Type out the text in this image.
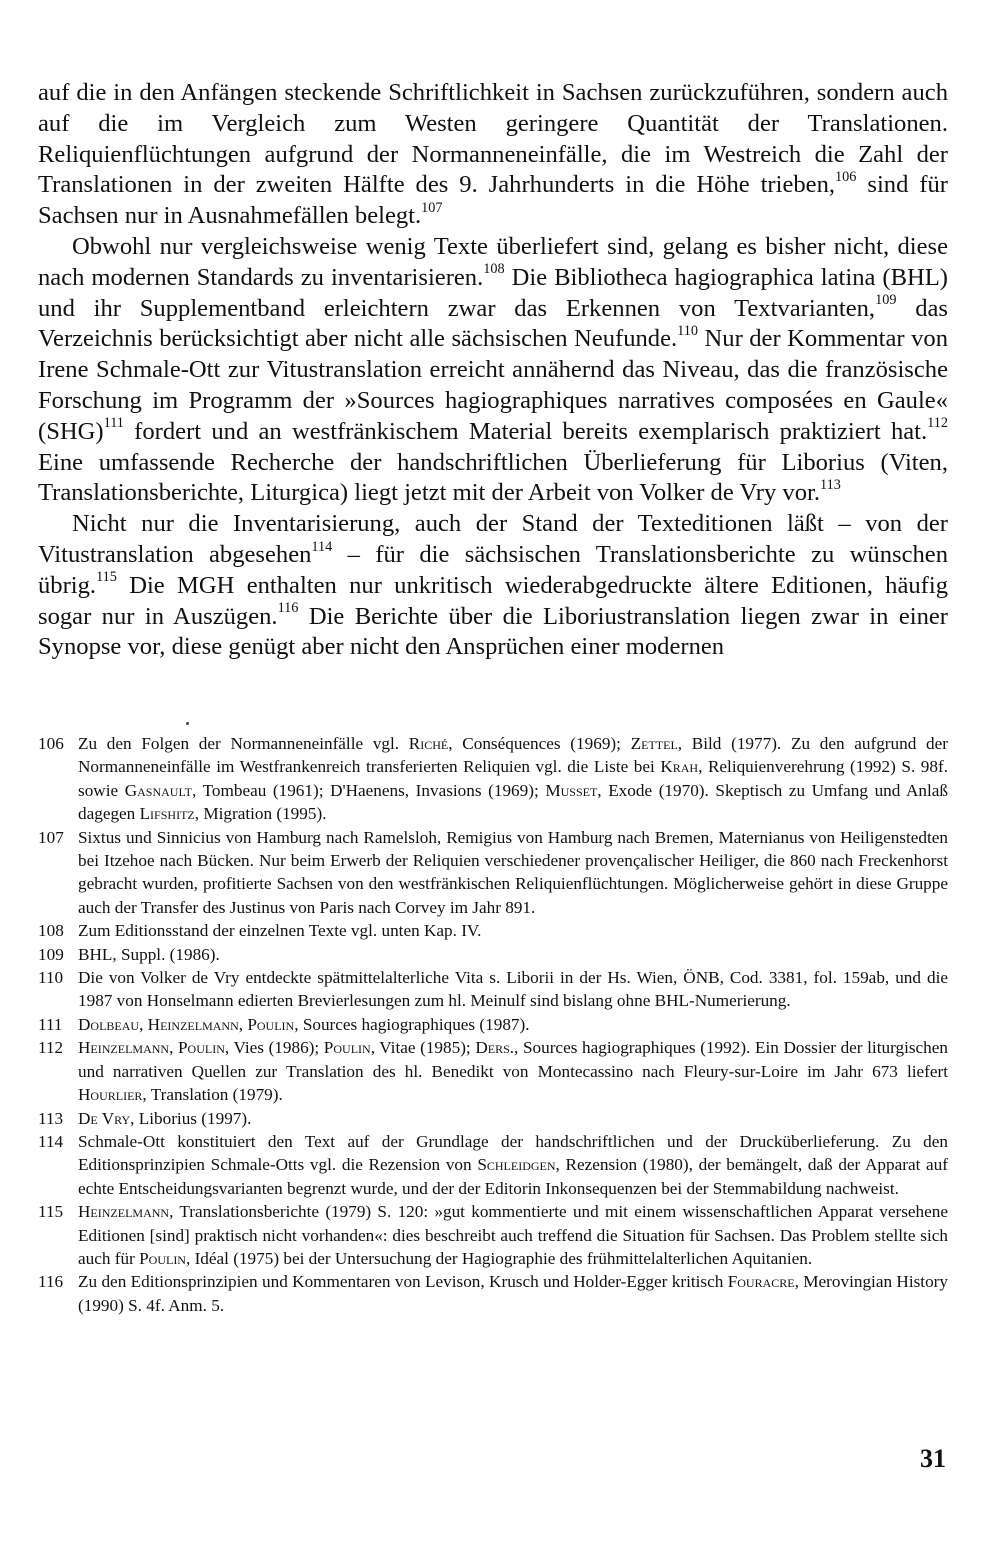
auf die in den Anfängen steckende Schriftlichkeit in Sachsen zurückzuführen, sondern auch auf die im Vergleich zum Westen geringere Quantität der Translationen. Reliquienflüchtungen aufgrund der Normanneneinfälle, die im Westreich die Zahl der Translationen in der zweiten Hälfte des 9. Jahrhunderts in die Höhe trieben,$^{106}$ sind für Sachsen nur in Ausnahmefällen belegt.$^{107}$

Obwohl nur vergleichsweise wenig Texte überliefert sind, gelang es bisher nicht, diese nach modernen Standards zu inventarisieren.$^{108}$ Die Bibliotheca hagiographica latina (BHL) und ihr Supplementband erleichtern zwar das Erkennen von Textvarianten,$^{109}$ das Verzeichnis berücksichtigt aber nicht alle sächsischen Neufunde.$^{110}$ Nur der Kommentar von Irene Schmale-Ott zur Vitustranslation erreicht annähernd das Niveau, das die französische Forschung im Programm der »Sources hagiographiques narratives composées en Gaule« (SHG)$^{111}$ fordert und an westfränkischem Material bereits exemplarisch praktiziert hat.$^{112}$ Eine umfassende Recherche der handschriftlichen Überlieferung für Liborius (Viten, Translationsberichte, Liturgica) liegt jetzt mit der Arbeit von Volker de Vry vor.$^{113}$

Nicht nur die Inventarisierung, auch der Stand der Texteditionen läßt – von der Vitustranslation abgesehen$^{114}$ – für die sächsischen Translationsberichte zu wünschen übrig.$^{115}$ Die MGH enthalten nur unkritisch wiederabgedruckte ältere Editionen, häufig sogar nur in Auszügen.$^{116}$ Die Berichte über die Liboriustranslation liegen zwar in einer Synopse vor, diese genügt aber nicht den Ansprüchen einer modernen

106 Zu den Folgen der Normanneneinfälle vgl. Riché, Conséquences (1969); Zettel, Bild (1977). Zu den aufgrund der Normanneneinfälle im Westfrankenreich transferierten Reliquien vgl. die Liste bei Krah, Reliquienverehrung (1992) S. 98f. sowie Gasnault, Tombeau (1961); D'Haenens, Invasions (1969); Musset, Exode (1970). Skeptisch zu Umfang und Anlaß dagegen Lifshitz, Migration (1995).
107 Sixtus und Sinnicius von Hamburg nach Ramelsloh, Remigius von Hamburg nach Bremen, Maternianus von Heiligenstedten bei Itzehoe nach Bücken. Nur beim Erwerb der Reliquien verschiedener provençalischer Heiliger, die 860 nach Freckenhorst gebracht wurden, profitierte Sachsen von den westfränkischen Reliquienflüchtungen. Möglicherweise gehört in diese Gruppe auch der Transfer des Justinus von Paris nach Corvey im Jahr 891.
108 Zum Editionsstand der einzelnen Texte vgl. unten Kap. IV.
109 BHL, Suppl. (1986).
110 Die von Volker de Vry entdeckte spätmittelalterliche Vita s. Liborii in der Hs. Wien, ÖNB, Cod. 3381, fol. 159ab, und die 1987 von Honselmann edierten Brevierlesungen zum hl. Meinulf sind bislang ohne BHL-Numerierung.
111 Dolbeau, Heinzelmann, Poulin, Sources hagiographiques (1987).
112 Heinzelmann, Poulin, Vies (1986); Poulin, Vitae (1985); Ders., Sources hagiographiques (1992). Ein Dossier der liturgischen und narrativen Quellen zur Translation des hl. Benedikt von Montecassino nach Fleury-sur-Loire im Jahr 673 liefert Hourlier, Translation (1979).
113 De Vry, Liborius (1997).
114 Schmale-Ott konstituiert den Text auf der Grundlage der handschriftlichen und der Drucküberlieferung. Zu den Editionsprinzipien Schmale-Otts vgl. die Rezension von Schleidgen, Rezension (1980), der bemängelt, daß der Apparat auf echte Entscheidungsvarianten begrenzt wurde, und der der Editorin Inkonsequenzen bei der Stemmabildung nachweist.
115 Heinzelmann, Translationsberichte (1979) S. 120: »gut kommentierte und mit einem wissenschaftlichen Apparat versehene Editionen [sind] praktisch nicht vorhanden«: dies beschreibt auch treffend die Situation für Sachsen. Das Problem stellte sich auch für Poulin, Idéal (1975) bei der Untersuchung der Hagiographie des frühmittelalterlichen Aquitanien.
116 Zu den Editionsprinzipien und Kommentaren von Levison, Krusch und Holder-Egger kritisch Fouracre, Merovingian History (1990) S. 4f. Anm. 5.
31
